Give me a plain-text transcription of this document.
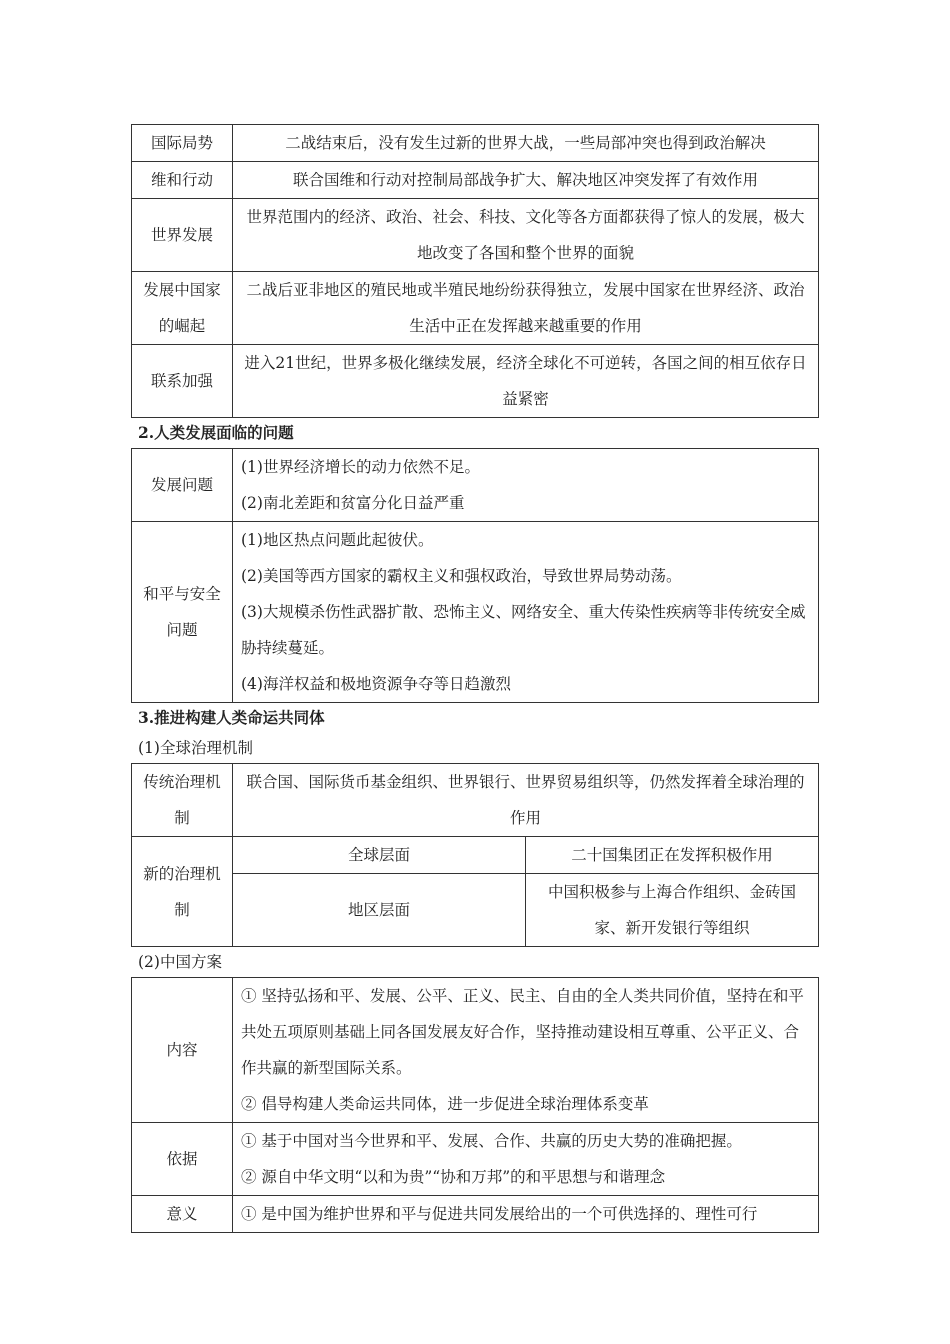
国际局势	二战结束后，没有发生过新的世界大战，一些局部冲突也得到政治解决
维和行动	联合国维和行动对控制局部战争扩大、解决地区冲突发挥了有效作用
世界发展	世界范围内的经济、政治、社会、科技、文化等各方面都获得了惊人的发展，极大地改变了各国和整个世界的面貌
发展中国家的崛起	二战后亚非地区的殖民地或半殖民地纷纷获得独立，发展中国家在世界经济、政治生活中正在发挥越来越重要的作用
联系加强	进入21世纪，世界多极化继续发展，经济全球化不可逆转，各国之间的相互依存日益紧密

2.人类发展面临的问题

发展问题	(1)世界经济增长的动力依然不足。
(2)南北差距和贫富分化日益严重

和平与安全问题	(1)地区热点问题此起彼伏。
(2)美国等西方国家的霸权主义和强权政治，导致世界局势动荡。
(3)大规模杀伤性武器扩散、恐怖主义、网络安全、重大传染性疾病等非传统安全威胁持续蔓延。
(4)海洋权益和极地资源争夺等日趋激烈

3.推进构建人类命运共同体

(1)全球治理机制

传统治理机制	联合国、国际货币基金组织、世界银行、世界贸易组织等，仍然发挥着全球治理的作用	
新的治理机制	全球层面	二十国集团正在发挥积极作用
	地区层面	中国积极参与上海合作组织、金砖国家、新开发银行等组织

(2)中国方案

内容	① 坚持弘扬和平、发展、公平、正义、民主、自由的全人类共同价值，坚持在和平共处五项原则基础上同各国发展友好合作，坚持推动建设相互尊重、公平正义、合作共赢的新型国际关系。
② 倡导构建人类命运共同体，进一步促进全球治理体系变革

依据	① 基于中国对当今世界和平、发展、合作、共赢的历史大势的准确把握。
② 源自中华文明“以和为贵”“协和万邦”的和平思想与和谐理念

意义	① 是中国为维护世界和平与促进共同发展给出的一个可供选择的、理性可行
